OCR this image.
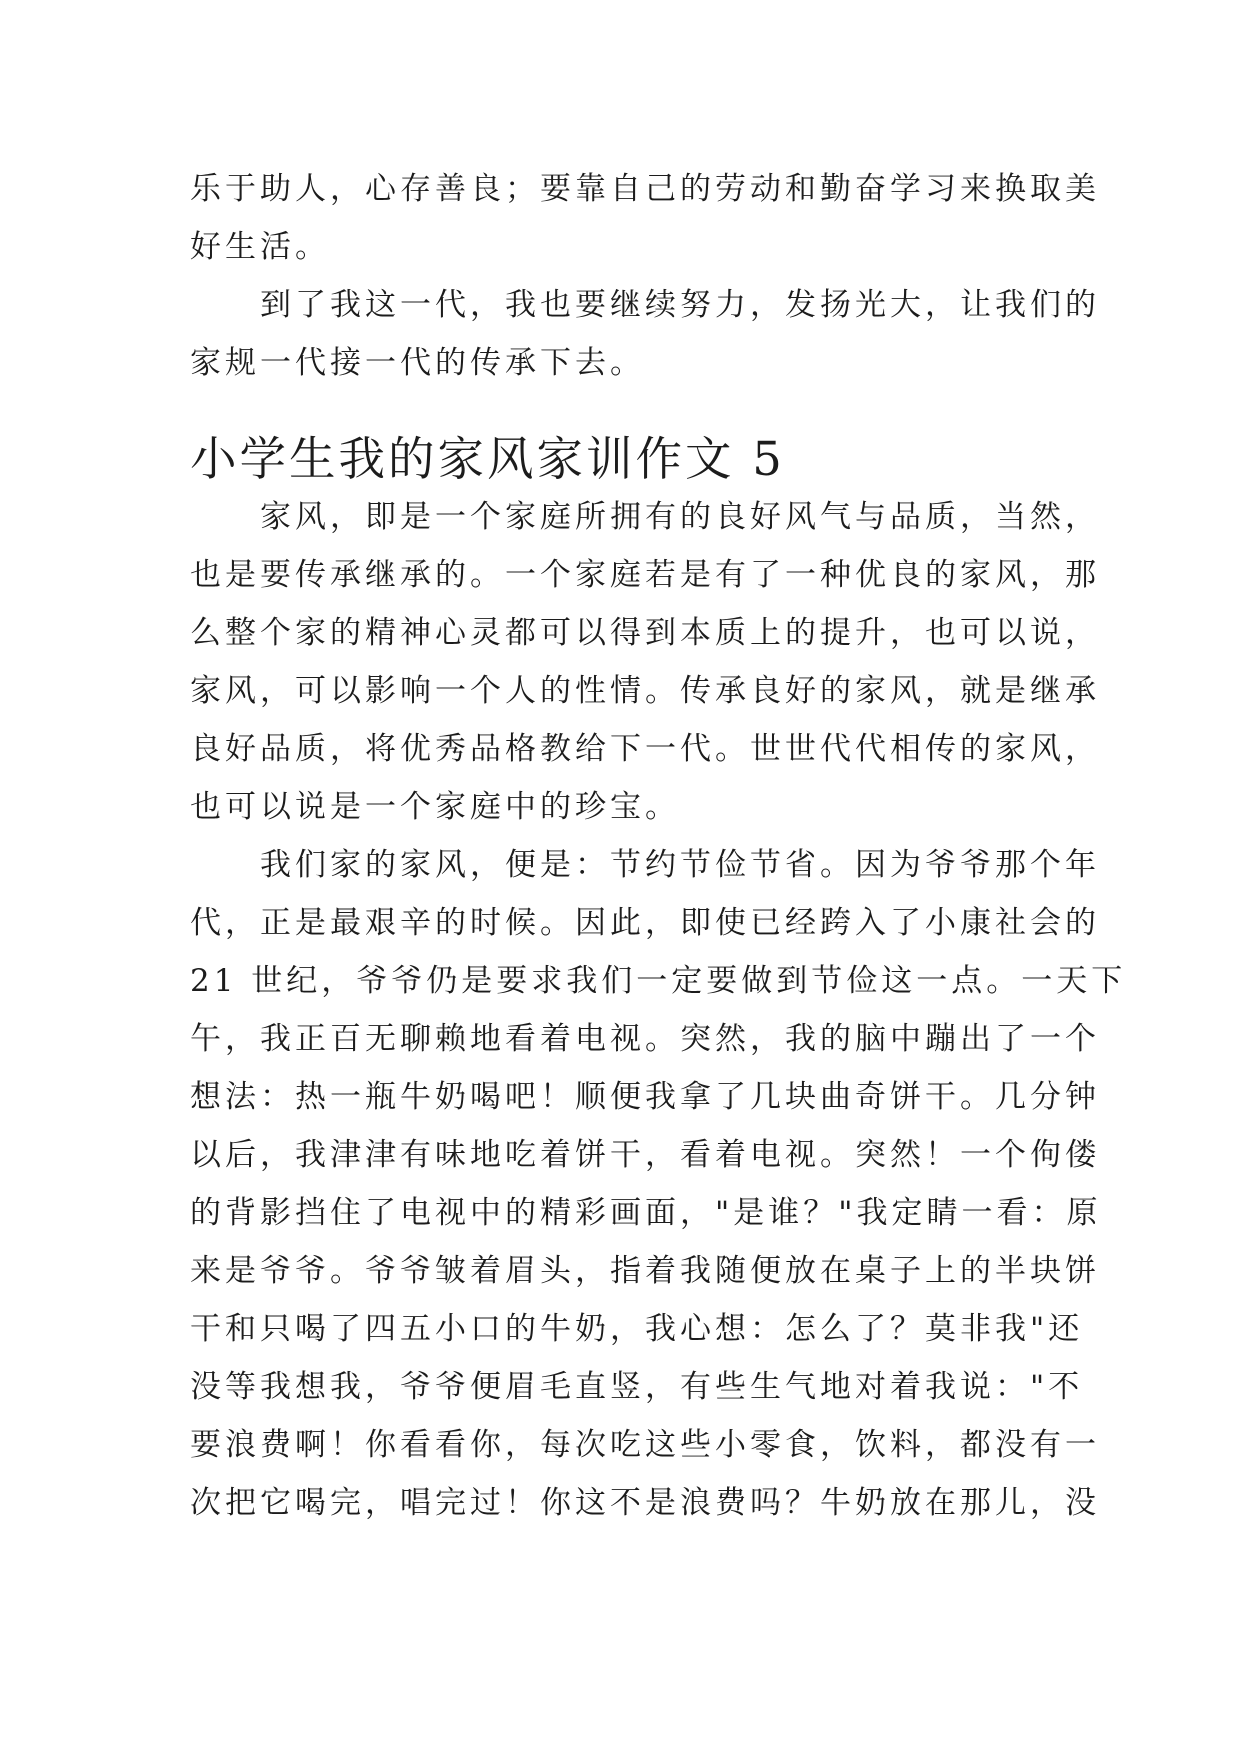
乐于助人，心存善良；要靠自己的劳动和勤奋学习来换取美

好生活。

　　到了我这一代，我也要继续努力，发扬光大，让我们的

家规一代接一代的传承下去。

小学生我的家风家训作文 5

　　家风，即是一个家庭所拥有的良好风气与品质，当然，

也是要传承继承的。一个家庭若是有了一种优良的家风，那

么整个家的精神心灵都可以得到本质上的提升，也可以说，

家风，可以影响一个人的性情。传承良好的家风，就是继承

良好品质，将优秀品格教给下一代。世世代代相传的家风，

也可以说是一个家庭中的珍宝。

　　我们家的家风，便是：节约节俭节省。因为爷爷那个年

代，正是最艰辛的时候。因此，即使已经跨入了小康社会的

21 世纪，爷爷仍是要求我们一定要做到节俭这一点。一天下

午，我正百无聊赖地看着电视。突然，我的脑中蹦出了一个

想法：热一瓶牛奶喝吧！顺便我拿了几块曲奇饼干。几分钟

以后，我津津有味地吃着饼干，看着电视。突然！一个佝偻

的背影挡住了电视中的精彩画面，"是谁？"我定睛一看：原

来是爷爷。爷爷皱着眉头，指着我随便放在桌子上的半块饼

干和只喝了四五小口的牛奶，我心想：怎么了？莫非我"还

没等我想我，爷爷便眉毛直竖，有些生气地对着我说："不

要浪费啊！你看看你，每次吃这些小零食，饮料，都没有一

次把它喝完，唱完过！你这不是浪费吗？牛奶放在那儿，没
